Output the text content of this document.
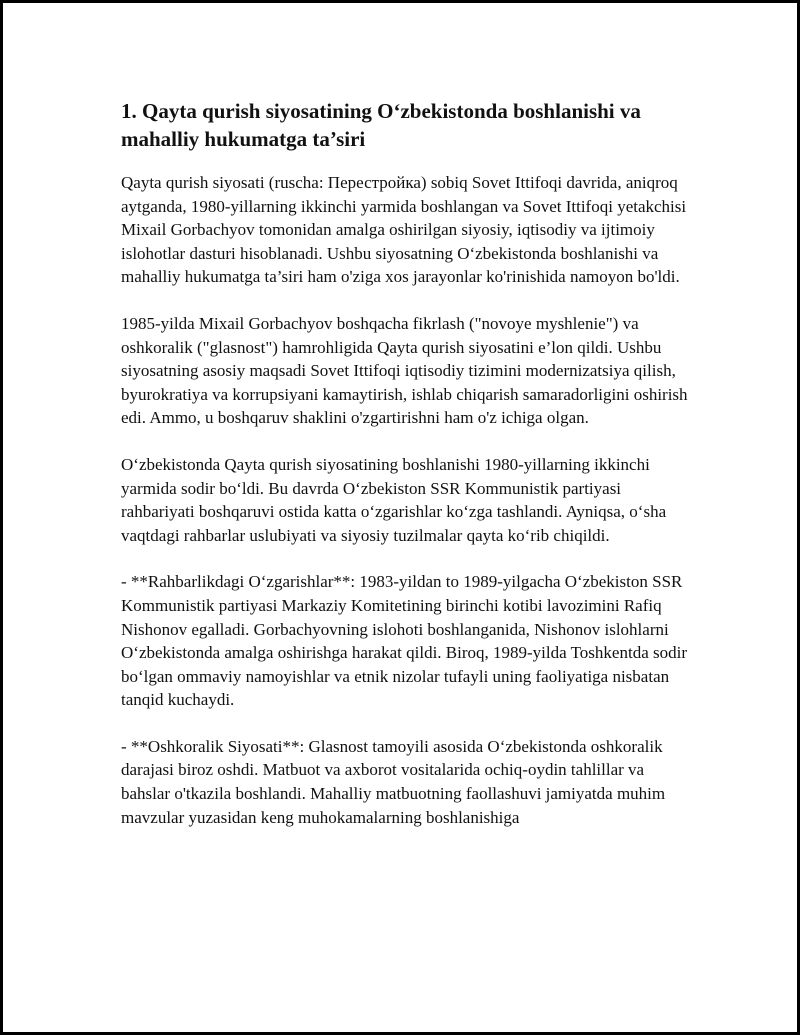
1. Qayta qurish siyosatining O‘zbekistonda boshlanishi va mahalliy hukumatga ta’siri

Qayta qurish siyosati (ruscha: Перестройка) sobiq Sovet Ittifoqi davrida, aniqroq aytganda, 1980-yillarning ikkinchi yarmida boshlangan va Sovet Ittifoqi yetakchisi Mixail Gorbachyov tomonidan amalga oshirilgan siyosiy, iqtisodiy va ijtimoiy islohotlar dasturi hisoblanadi. Ushbu siyosatning O‘zbekistonda boshlanishi va mahalliy hukumatga ta’siri ham o'ziga xos jarayonlar ko'rinishida namoyon bo'ldi.

1985-yilda Mixail Gorbachyov boshqacha fikrlash ("novoye myshlenie") va oshkoralik ("glasnost") hamrohligida Qayta qurish siyosatini e’lon qildi. Ushbu siyosatning asosiy maqsadi Sovet Ittifoqi iqtisodiy tizimini modernizatsiya qilish, byurokratiya va korrupsiyani kamaytirish, ishlab chiqarish samaradorligini oshirish edi. Ammo, u boshqaruv shaklini o'zgartirishni ham o'z ichiga olgan.

O‘zbekistonda Qayta qurish siyosatining boshlanishi 1980-yillarning ikkinchi yarmida sodir bo‘ldi. Bu davrda O‘zbekiston SSR Kommunistik partiyasi rahbariyati boshqaruvi ostida katta o‘zgarishlar ko‘zga tashlandi. Ayniqsa, o‘sha vaqtdagi rahbarlar uslubiyati va siyosiy tuzilmalar qayta ko‘rib chiqildi.

- **Rahbarlikdagi O‘zgarishlar**: 1983-yildan to 1989-yilgacha O‘zbekiston SSR Kommunistik partiyasi Markaziy Komitetining birinchi kotibi lavozimini Rafiq Nishonov egalladi. Gorbachyovning islohoti boshlanganida, Nishonov islohlarni O‘zbekistonda amalga oshirishga harakat qildi. Biroq, 1989-yilda Toshkentda sodir bo‘lgan ommaviy namoyishlar va etnik nizolar tufayli uning faoliyatiga nisbatan tanqid kuchaydi.

- **Oshkoralik Siyosati**: Glasnost tamoyili asosida O‘zbekistonda oshkoralik darajasi biroz oshdi. Matbuot va axborot vositalarida ochiq-oydin tahlillar va bahslar o'tkazila boshlandi. Mahalliy matbuotning faollashuvi jamiyatda muhim mavzular yuzasidan keng muhokamalarning boshlanishiga
